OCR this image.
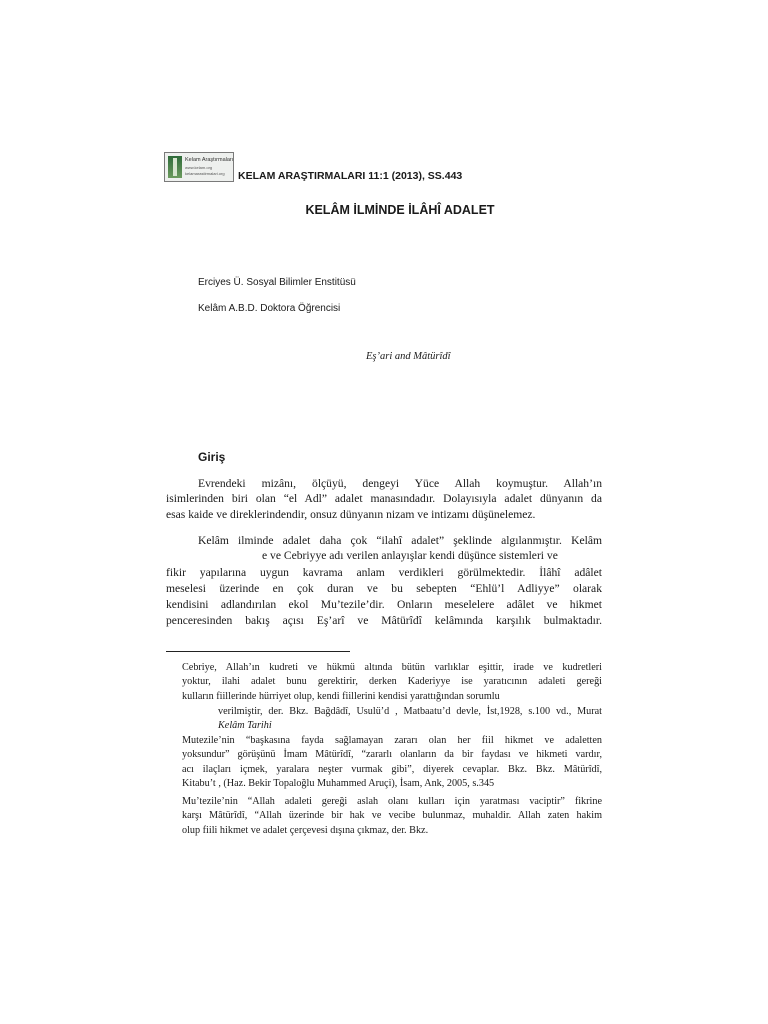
Kelam Araştırmaları
www.kelam.org
kelamarastirmalari.org KELAM ARAŞTIRMALARI 11:1 (2013), SS.443
KELÂM İLMİNDE İLÂHÎ ADALET
Erciyes Ü. Sosyal Bilimler Enstitüsü
Kelâm A.B.D. Doktora Öğrencisi
Eş’ari and Mâtürîdî
Giriş
Evrendeki mizânı, ölçüyü, dengeyi Yüce Allah koymuştur. Allah’ın
isimlerinden biri olan “el Adl” adalet manasındadır. Dolayısıyla adalet dünyanın da
esas kaide ve direklerindendir, onsuz dünyanın nizam ve intizamı düşünelemez.
Kelâm ilminde adalet daha çok “ilahî adalet” şeklinde algılanmıştır. Kelâm
e ve Cebriyye adı verilen anlayışlar kendi düşünce sistemleri ve
fikir yapılarına uygun kavrama anlam verdikleri görülmektedir. İlâhî adâlet
meselesi üzerinde en çok duran ve bu sebepten “Ehlü’l Adliyye” olarak
kendisini adlandırılan ekol Mu’tezile’dir. Onların meselelere adâlet ve hikmet
penceresinden bakış açısı Eş’arî ve Mâtürîdî kelâmında karşılık bulmaktadır.
Cebriye, Allah’ın kudreti ve hükmü altında bütün varlıklar eşittir, irade ve kudretleri
yoktur, ilahi adalet bunu gerektirir, derken Kaderiyye ise yaratıcının adaleti gereği
kulların fiillerinde hürriyet olup, kendi fiillerini kendisi yarattığından sorumlu
verilmiştir, der. Bkz. Bağdâdî, Usulü’d , Matbaatu’d devle, İst,1928, s.100 vd., Murat
Kelâm Tarihi
Mutezile’nin “başkasına fayda sağlamayan zararı olan her fiil hikmet ve adaletten
yoksundur” görüşünü İmam Mâtürîdî, “zararlı olanların da bir faydası ve hikmeti vardır,
acı ilaçları içmek, yaralara neşter vurmak gibi”, diyerek cevaplar. Bkz. Bkz. Mâtürîdî,
Kitabu’t , (Haz. Bekir Topaloğlu Muhammed Aruçi), İsam, Ank, 2005, s.345
Mu’tezile’nin “Allah adaleti gereği aslah olanı kulları için yaratması vaciptir” fikrine
karşı Mâtürîdî, “Allah üzerinde bir hak ve vecibe bulunmaz, muhaldir. Allah zaten hakim
olup fiili hikmet ve adalet çerçevesi dışına çıkmaz, der. Bkz.
